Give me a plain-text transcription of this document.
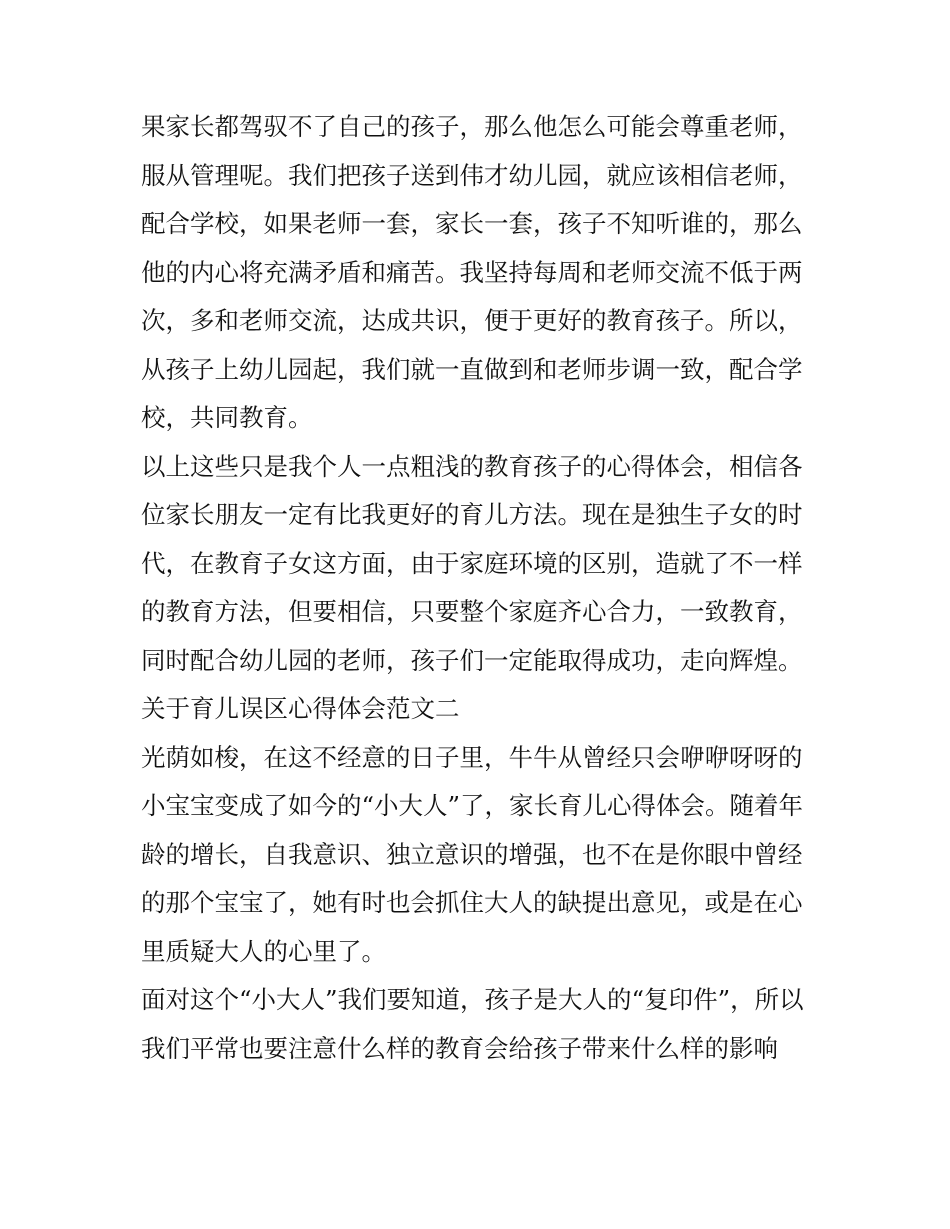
果家长都驾驭不了自己的孩子，那么他怎么可能会尊重老师，
服从管理呢。我们把孩子送到伟才幼儿园，就应该相信老师，
配合学校，如果老师一套，家长一套，孩子不知听谁的，那么
他的内心将充满矛盾和痛苦。我坚持每周和老师交流不低于两
次，多和老师交流，达成共识，便于更好的教育孩子。所以，
从孩子上幼儿园起，我们就一直做到和老师步调一致，配合学
校，共同教育。
以上这些只是我个人一点粗浅的教育孩子的心得体会，相信各
位家长朋友一定有比我更好的育儿方法。现在是独生子女的时
代，在教育子女这方面，由于家庭环境的区别，造就了不一样
的教育方法，但要相信，只要整个家庭齐心合力，一致教育，
同时配合幼儿园的老师，孩子们一定能取得成功，走向辉煌。
关于育儿误区心得体会范文二
光荫如梭，在这不经意的日子里，牛牛从曾经只会咿咿呀呀的
小宝宝变成了如今的“小大人”了，家长育儿心得体会。随着年
龄的增长，自我意识、独立意识的增强，也不在是你眼中曾经
的那个宝宝了，她有时也会抓住大人的缺提出意见，或是在心
里质疑大人的心里了。
面对这个“小大人”我们要知道，孩子是大人的“复印件”，所以
我们平常也要注意什么样的教育会给孩子带来什么样的影响
